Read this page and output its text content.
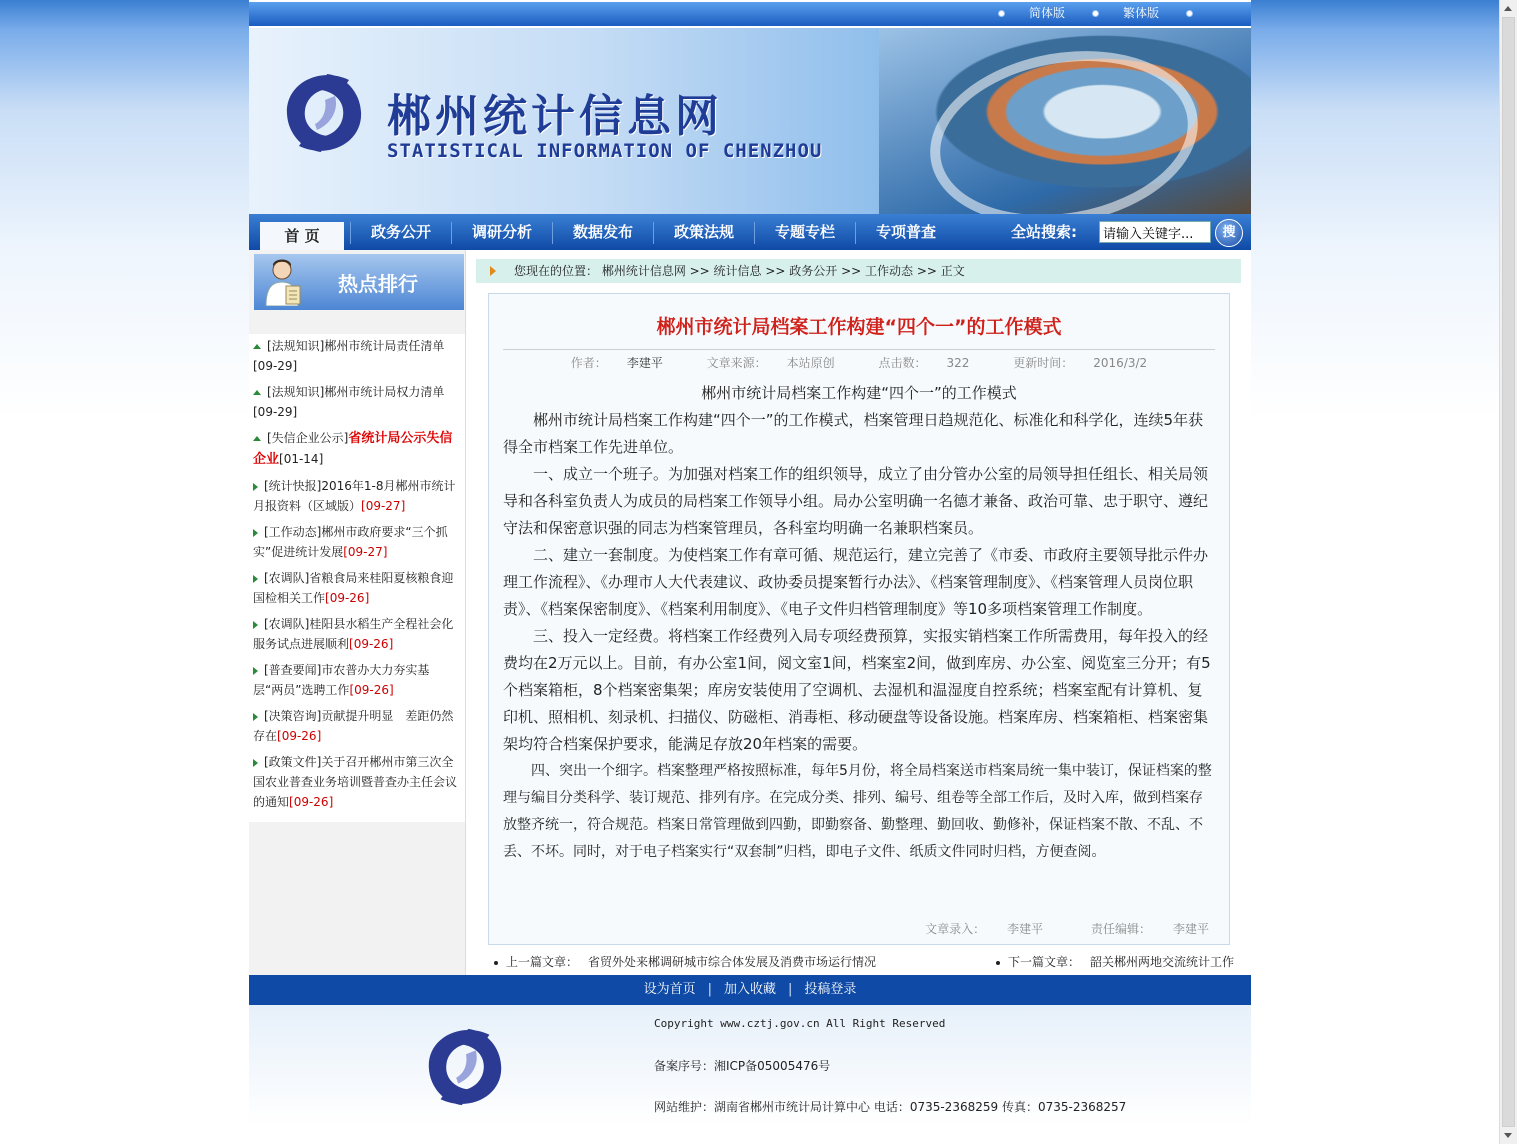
简体版	繁体版
郴州统计信息网
STATISTICAL INFORMATION OF CHENZHOU
首 页	政务公开	调研分析	数据发布	政策法规	专题专栏	专项普查	全站搜索:
请输入关键字...	搜
热点排行
[法规知识]郴州市统计局责任清单
[09-29]
[法规知识]郴州市统计局权力清单
[09-29]
[失信企业公示]省统计局公示失信企业[01-14]
[统计快报]2016年1-8月郴州市统计月报资料（区域版）[09-27]
[工作动态]郴州市政府要求“三个抓实”促进统计发展[09-27]
[农调队]省粮食局来桂阳夏核粮食迎国检相关工作[09-26]
[农调队]桂阳县水稻生产全程社会化服务试点进展顺利[09-26]
[普查要闻]市农普办大力夯实基层“两员”选聘工作[09-26]
[决策咨询]贡献提升明显　差距仍然存在[09-26]
[政策文件]关于召开郴州市第三次全国农业普查业务培训暨普查办主任会议的通知[09-26]
您现在的位置： 郴州统计信息网 >> 统计信息 >> 政务公开 >> 工作动态 >> 正文
郴州市统计局档案工作构建“四个一”的工作模式
作者： 李建平	文章来源： 本站原创	点击数： 322	更新时间： 2016/3/2

郴州市统计局档案工作构建“四个一”的工作模式

郴州市统计局档案工作构建“四个一”的工作模式，档案管理日趋规范化、标准化和科学化，连续5年获得全市档案工作先进单位。

一、成立一个班子。为加强对档案工作的组织领导，成立了由分管办公室的局领导担任组长、相关局领导和各科室负责人为成员的局档案工作领导小组。局办公室明确一名德才兼备、政治可靠、忠于职守、遵纪守法和保密意识强的同志为档案管理员，各科室均明确一名兼职档案员。

二、建立一套制度。为使档案工作有章可循、规范运行，建立完善了《市委、市政府主要领导批示件办理工作流程》、《办理市人大代表建议、政协委员提案暂行办法》、《档案管理制度》、《档案管理人员岗位职责》、《档案保密制度》、《档案利用制度》、《电子文件归档管理制度》等10多项档案管理工作制度。

三、投入一定经费。将档案工作经费列入局专项经费预算，实报实销档案工作所需费用，每年投入的经费均在2万元以上。目前，有办公室1间，阅文室1间，档案室2间，做到库房、办公室、阅览室三分开；有5个档案箱柜，8个档案密集架；库房安装使用了空调机、去湿机和温湿度自控系统；档案室配有计算机、复印机、照相机、刻录机、扫描仪、防磁柜、消毒柜、移动硬盘等设备设施。档案库房、档案箱柜、档案密集架均符合档案保护要求，能满足存放20年档案的需要。

四、突出一个细字。档案整理严格按照标准，每年5月份，将全局档案送市档案局统一集中装订，保证档案的整理与编目分类科学、装订规范、排列有序。在完成分类、排列、编号、组卷等全部工作后，及时入库，做到档案存放整齐统一，符合规范。档案日常管理做到四勤，即勤察备、勤整理、勤回收、勤修补，保证档案不散、不乱、不丢、不坏。同时，对于电子档案实行“双套制”归档，即电子文件、纸质文件同时归档，方便查阅。

文章录入： 李建平	责任编辑： 李建平
上一篇文章： 省贸外处来郴调研城市综合体发展及消费市场运行情况	下一篇文章： 韶关郴州两地交流统计工作
设为首页 | 加入收藏 | 投稿登录
Copyright www.cztj.gov.cn All Right Reserved
备案序号：湘ICP备05005476号
网站维护：湖南省郴州市统计局计算中心 电话：0735-2368259 传真：0735-2368257
